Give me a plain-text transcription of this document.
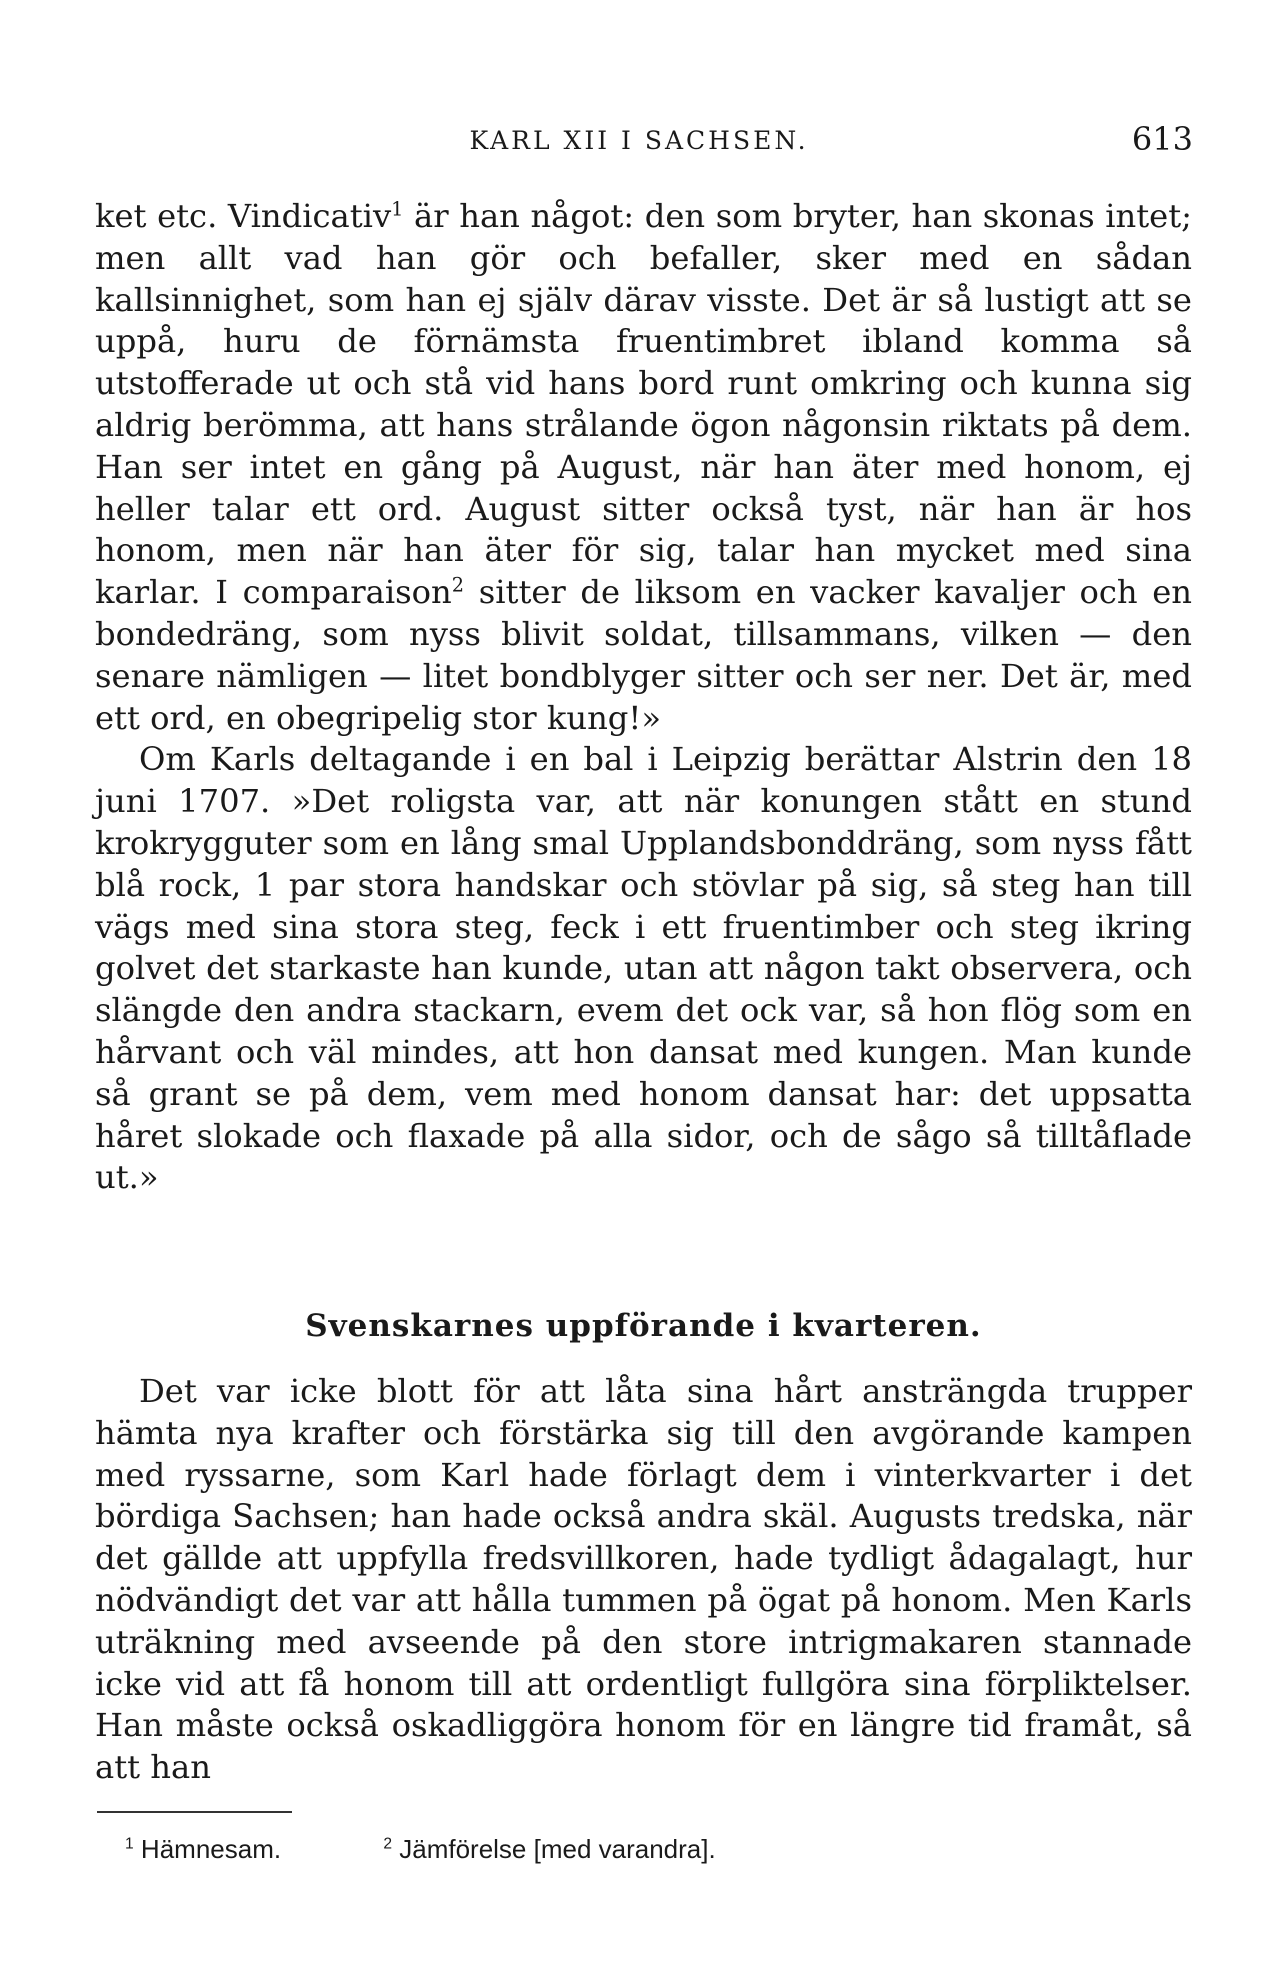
KARL XII I SACHSEN.	613

ket etc. Vindicativ$^1$ är han något: den som bryter, han skonas intet; men allt vad han gör och befaller, sker med en sådan kallsinnighet, som han ej själv därav visste. Det är så lustigt att se uppå, huru de förnämsta fruentimbret ibland komma så utstofferade ut och stå vid hans bord runt omkring och kunna sig aldrig berömma, att hans strålande ögon någonsin riktats på dem. Han ser intet en gång på August, när han äter med honom, ej heller talar ett ord. August sitter också tyst, när han är hos honom, men när han äter för sig, talar han mycket med sina karlar. I comparaison$^2$ sitter de liksom en vacker kavaljer och en bondedräng, som nyss blivit soldat, tillsammans, vilken — den senare nämligen — litet bondblyger sitter och ser ner. Det är, med ett ord, en obegripelig stor kung!»

Om Karls deltagande i en bal i Leipzig berättar Alstrin den 18 juni 1707. »Det roligsta var, att när konungen stått en stund krokrygguter som en lång smal Upplandsbonddräng, som nyss fått blå rock, 1 par stora handskar och stövlar på sig, så steg han till vägs med sina stora steg, feck i ett fruentimber och steg ikring golvet det starkaste han kunde, utan att någon takt observera, och slängde den andra stackarn, evem det ock var, så hon flög som en hårvant och väl mindes, att hon dansat med kungen. Man kunde så grant se på dem, vem med honom dansat har: det uppsatta håret slokade och flaxade på alla sidor, och de sågo så tilltåflade ut.»

Svenskarnes uppförande i kvarteren.

Det var icke blott för att låta sina hårt ansträngda trupper hämta nya krafter och förstärka sig till den avgörande kampen med ryssarne, som Karl hade förlagt dem i vinterkvarter i det bördiga Sachsen; han hade också andra skäl. Augusts tredska, när det gällde att uppfylla fredsvillkoren, hade tydligt ådagalagt, hur nödvändigt det var att hålla tummen på ögat på honom. Men Karls uträkning med avseende på den store intrigmakaren stannade icke vid att få honom till att ordentligt fullgöra sina förpliktelser. Han måste också oskadliggöra honom för en längre tid framåt, så att han

$^1$ Hämnesam.	$^2$ Jämförelse [med varandra].
